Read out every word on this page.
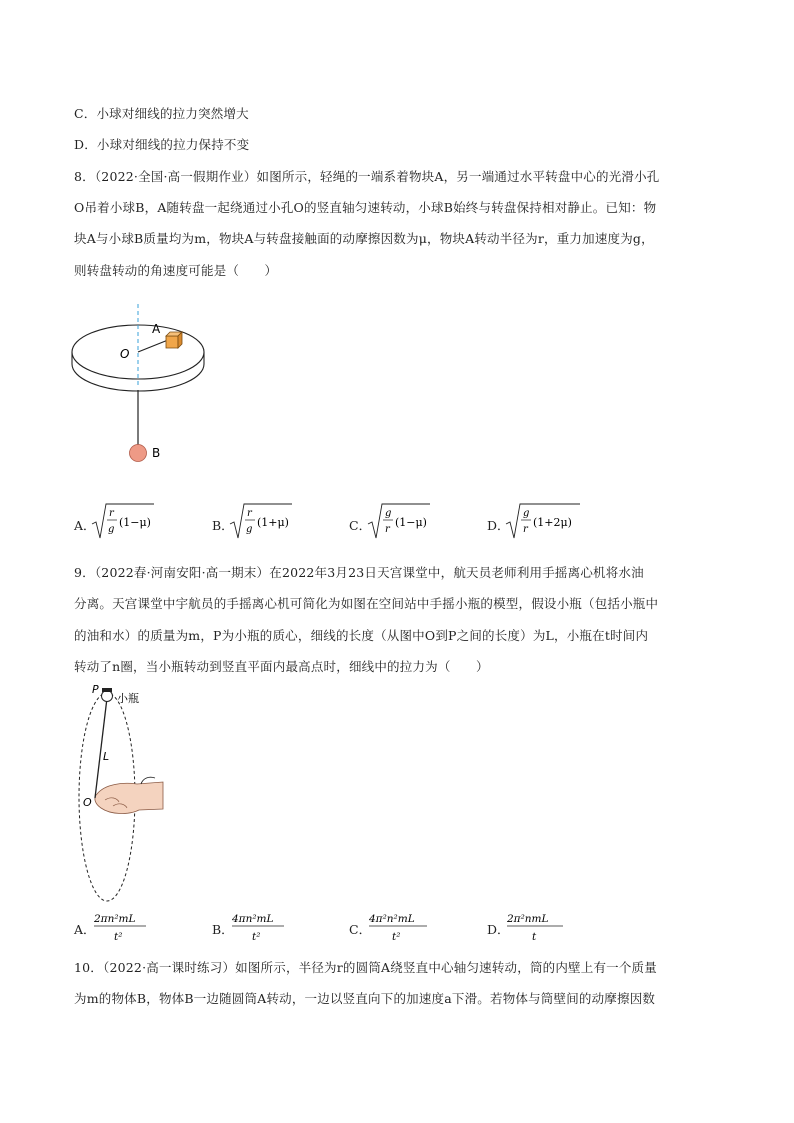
C．小球对细线的拉力突然增大
D．小球对细线的拉力保持不变
8．（2022·全国·高一假期作业）如图所示，轻绳的一端系着物块A，另一端通过水平转盘中心的光滑小孔
O吊着小球B，A随转盘一起绕通过小孔O的竖直轴匀速转动，小球B始终与转盘保持相对静止。已知：物
块A与小球B质量均为m，物块A与转盘接触面的动摩擦因数为μ，物块A转动半径为r，重力加速度为g，
则转盘转动的角速度可能是（　　）
A
O
B
A．
r
g
(1−μ)	B．
r
g
(1+μ)	C．
g
r
(1−μ)	D．
g
r
(1+2μ)
9．（2022春·河南安阳·高一期末）在2022年3月23日天宫课堂中，航天员老师利用手摇离心机将水油
分离。天宫课堂中宇航员的手摇离心机可简化为如图在空间站中手摇小瓶的模型，假设小瓶（包括小瓶中
的油和水）的质量为m，P为小瓶的质心，细线的长度（从图中O到P之间的长度）为L，小瓶在t时间内
转动了n圈，当小瓶转动到竖直平面内最高点时，细线中的拉力为（　　）
P
小瓶
L
O
A．
2πn²mL
t²	B．
4πn²mL
t²	C．
4π²n²mL
t²	D．
2π²nmL
t
10．（2022·高一课时练习）如图所示，半径为r的圆筒A绕竖直中心轴匀速转动，筒的内壁上有一个质量
为m的物体B，物体B一边随圆筒A转动，一边以竖直向下的加速度a下滑。若物体与筒壁间的动摩擦因数
